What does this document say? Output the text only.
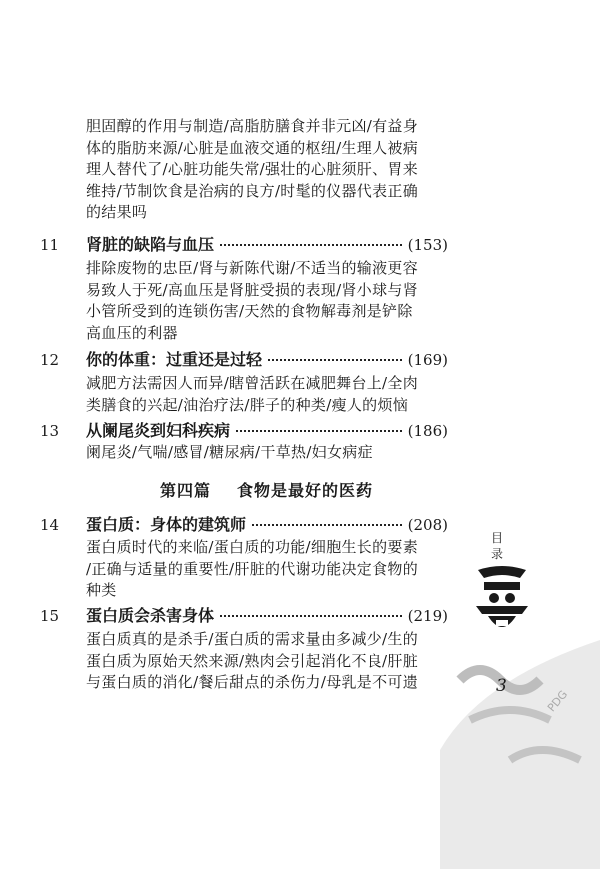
胆固醇的作用与制造/高脂肪膳食并非元凶/有益身
体的脂肪来源/心脏是血液交通的枢纽/生理人被病
理人替代了/心脏功能失常/强壮的心脏须肝、胃来
维持/节制饮食是治病的良方/时髦的仪器代表正确
的结果吗
11	肾脏的缺陷与血压	(153)
排除废物的忠臣/肾与新陈代谢/不适当的输液更容
易致人于死/高血压是肾脏受损的表现/肾小球与肾
小管所受到的连锁伤害/天然的食物解毒剂是铲除
高血压的利器
12	你的体重：过重还是过轻	(169)
减肥方法需因人而异/瞎曾活跃在减肥舞台上/全肉
类膳食的兴起/油治疗法/胖子的种类/瘦人的烦恼
13	从阑尾炎到妇科疾病	(186)
阑尾炎/气喘/感冒/糖尿病/干草热/妇女病症
第四篇 食物是最好的医药
14	蛋白质：身体的建筑师	(208)
蛋白质时代的来临/蛋白质的功能/细胞生长的要素
/正确与适量的重要性/肝脏的代谢功能决定食物的
种类
15	蛋白质会杀害身体	(219)
蛋白质真的是杀手/蛋白质的需求量由多减少/生的
蛋白质为原始天然来源/熟肉会引起消化不良/肝脏
与蛋白质的消化/餐后甜点的杀伤力/母乳是不可遗
目录
3
PDG
